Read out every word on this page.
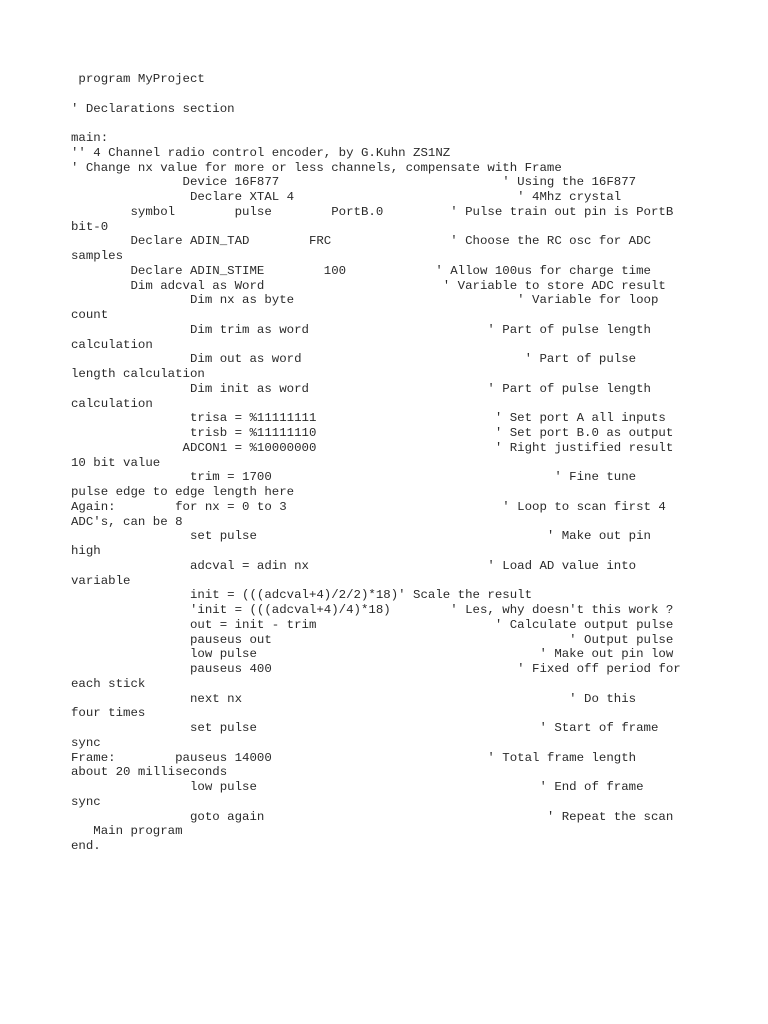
program MyProject
' Declarations section
main:
'' 4 Channel radio control encoder, by G.Kuhn ZS1NZ
' Change nx value for more or less channels, compensate with Frame
Device 16F877                              ' Using the 16F877
Declare XTAL 4                              ' 4Mhz crystal
symbol        pulse        PortB.0         ' Pulse train out pin is PortB
bit-0
Declare ADIN_TAD        FRC                ' Choose the RC osc for ADC
samples
Declare ADIN_STIME        100            ' Allow 100us for charge time
Dim adcval as Word                        ' Variable to store ADC result
Dim nx as byte                              ' Variable for loop
count
Dim trim as word                        ' Part of pulse length
calculation
Dim out as word                              ' Part of pulse
length calculation
Dim init as word                        ' Part of pulse length
calculation
trisa = %11111111                        ' Set port A all inputs
trisb = %11111110                        ' Set port B.0 as output
ADCON1 = %10000000                        ' Right justified result
10 bit value
trim = 1700                                      ' Fine tune
pulse edge to edge length here
Again:        for nx = 0 to 3                             ' Loop to scan first 4
ADC's, can be 8
set pulse                                       ' Make out pin
high
adcval = adin nx                        ' Load AD value into
variable
init = (((adcval+4)/2/2)*18)' Scale the result
'init = (((adcval+4)/4)*18)        ' Les, why doesn't this work ?
out = init - trim                        ' Calculate output pulse
pauseus out                                        ' Output pulse
low pulse                                      ' Make out pin low
pauseus 400                                 ' Fixed off period for
each stick
next nx                                            ' Do this
four times
set pulse                                      ' Start of frame
sync
Frame:        pauseus 14000                             ' Total frame length
about 20 milliseconds
low pulse                                      ' End of frame
sync
goto again                                      ' Repeat the scan
Main program
end.
